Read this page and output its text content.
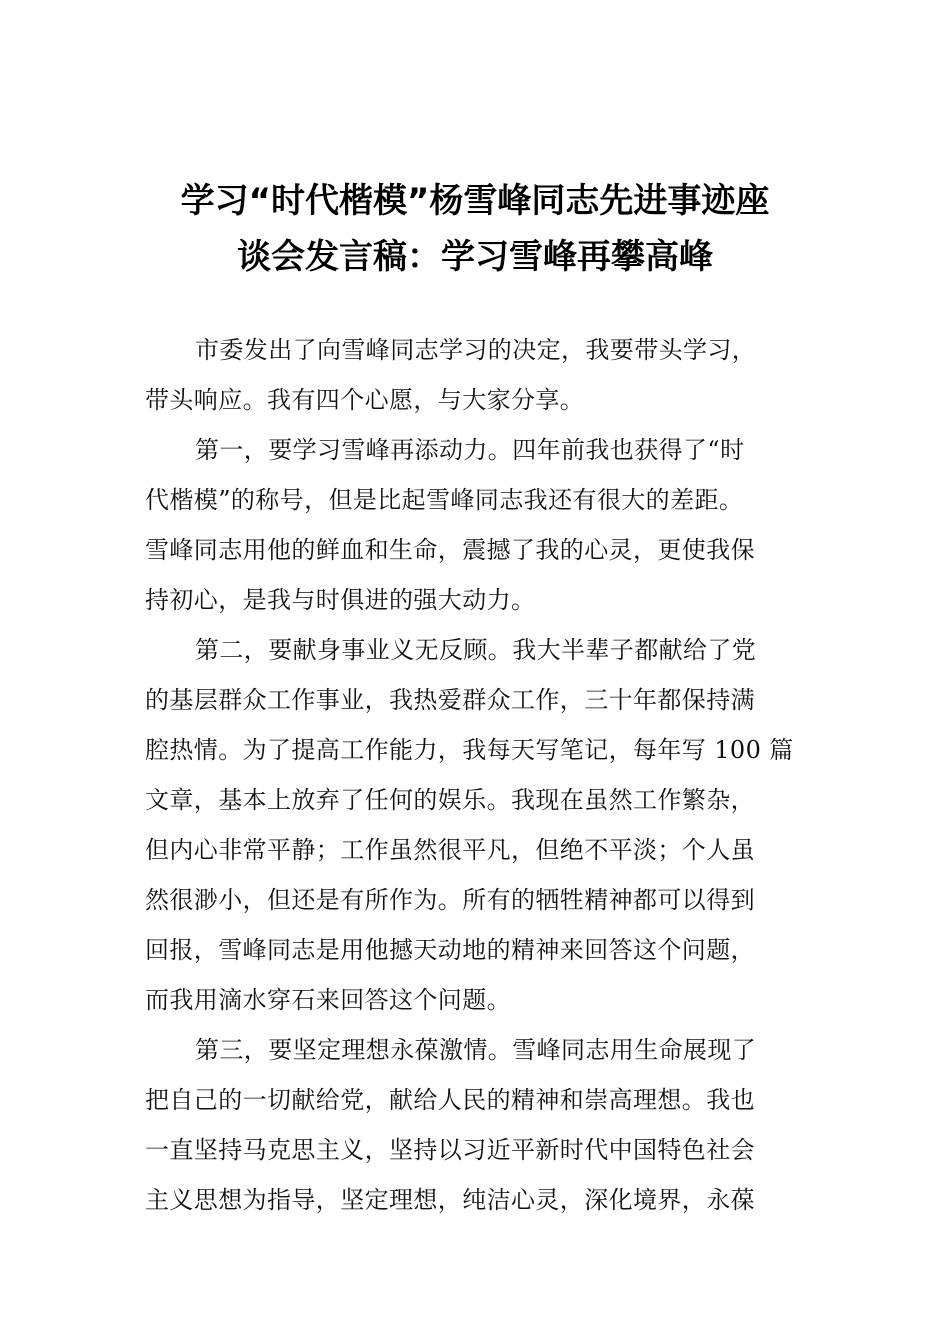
学习“时代楷模”杨雪峰同志先进事迹座
谈会发言稿：学习雪峰再攀高峰

市委发出了向雪峰同志学习的决定，我要带头学习，
带头响应。我有四个心愿，与大家分享。

第一，要学习雪峰再添动力。四年前我也获得了“时
代楷模”的称号，但是比起雪峰同志我还有很大的差距。
雪峰同志用他的鲜血和生命，震撼了我的心灵，更使我保
持初心，是我与时俱进的强大动力。

第二，要献身事业义无反顾。我大半辈子都献给了党
的基层群众工作事业，我热爱群众工作，三十年都保持满
腔热情。为了提高工作能力，我每天写笔记，每年写 100 篇
文章，基本上放弃了任何的娱乐。我现在虽然工作繁杂，
但内心非常平静；工作虽然很平凡，但绝不平淡；个人虽
然很渺小，但还是有所作为。所有的牺牲精神都可以得到
回报，雪峰同志是用他撼天动地的精神来回答这个问题，
而我用滴水穿石来回答这个问题。

第三，要坚定理想永葆激情。雪峰同志用生命展现了
把自己的一切献给党，献给人民的精神和崇高理想。我也
一直坚持马克思主义，坚持以习近平新时代中国特色社会
主义思想为指导，坚定理想，纯洁心灵，深化境界，永葆
